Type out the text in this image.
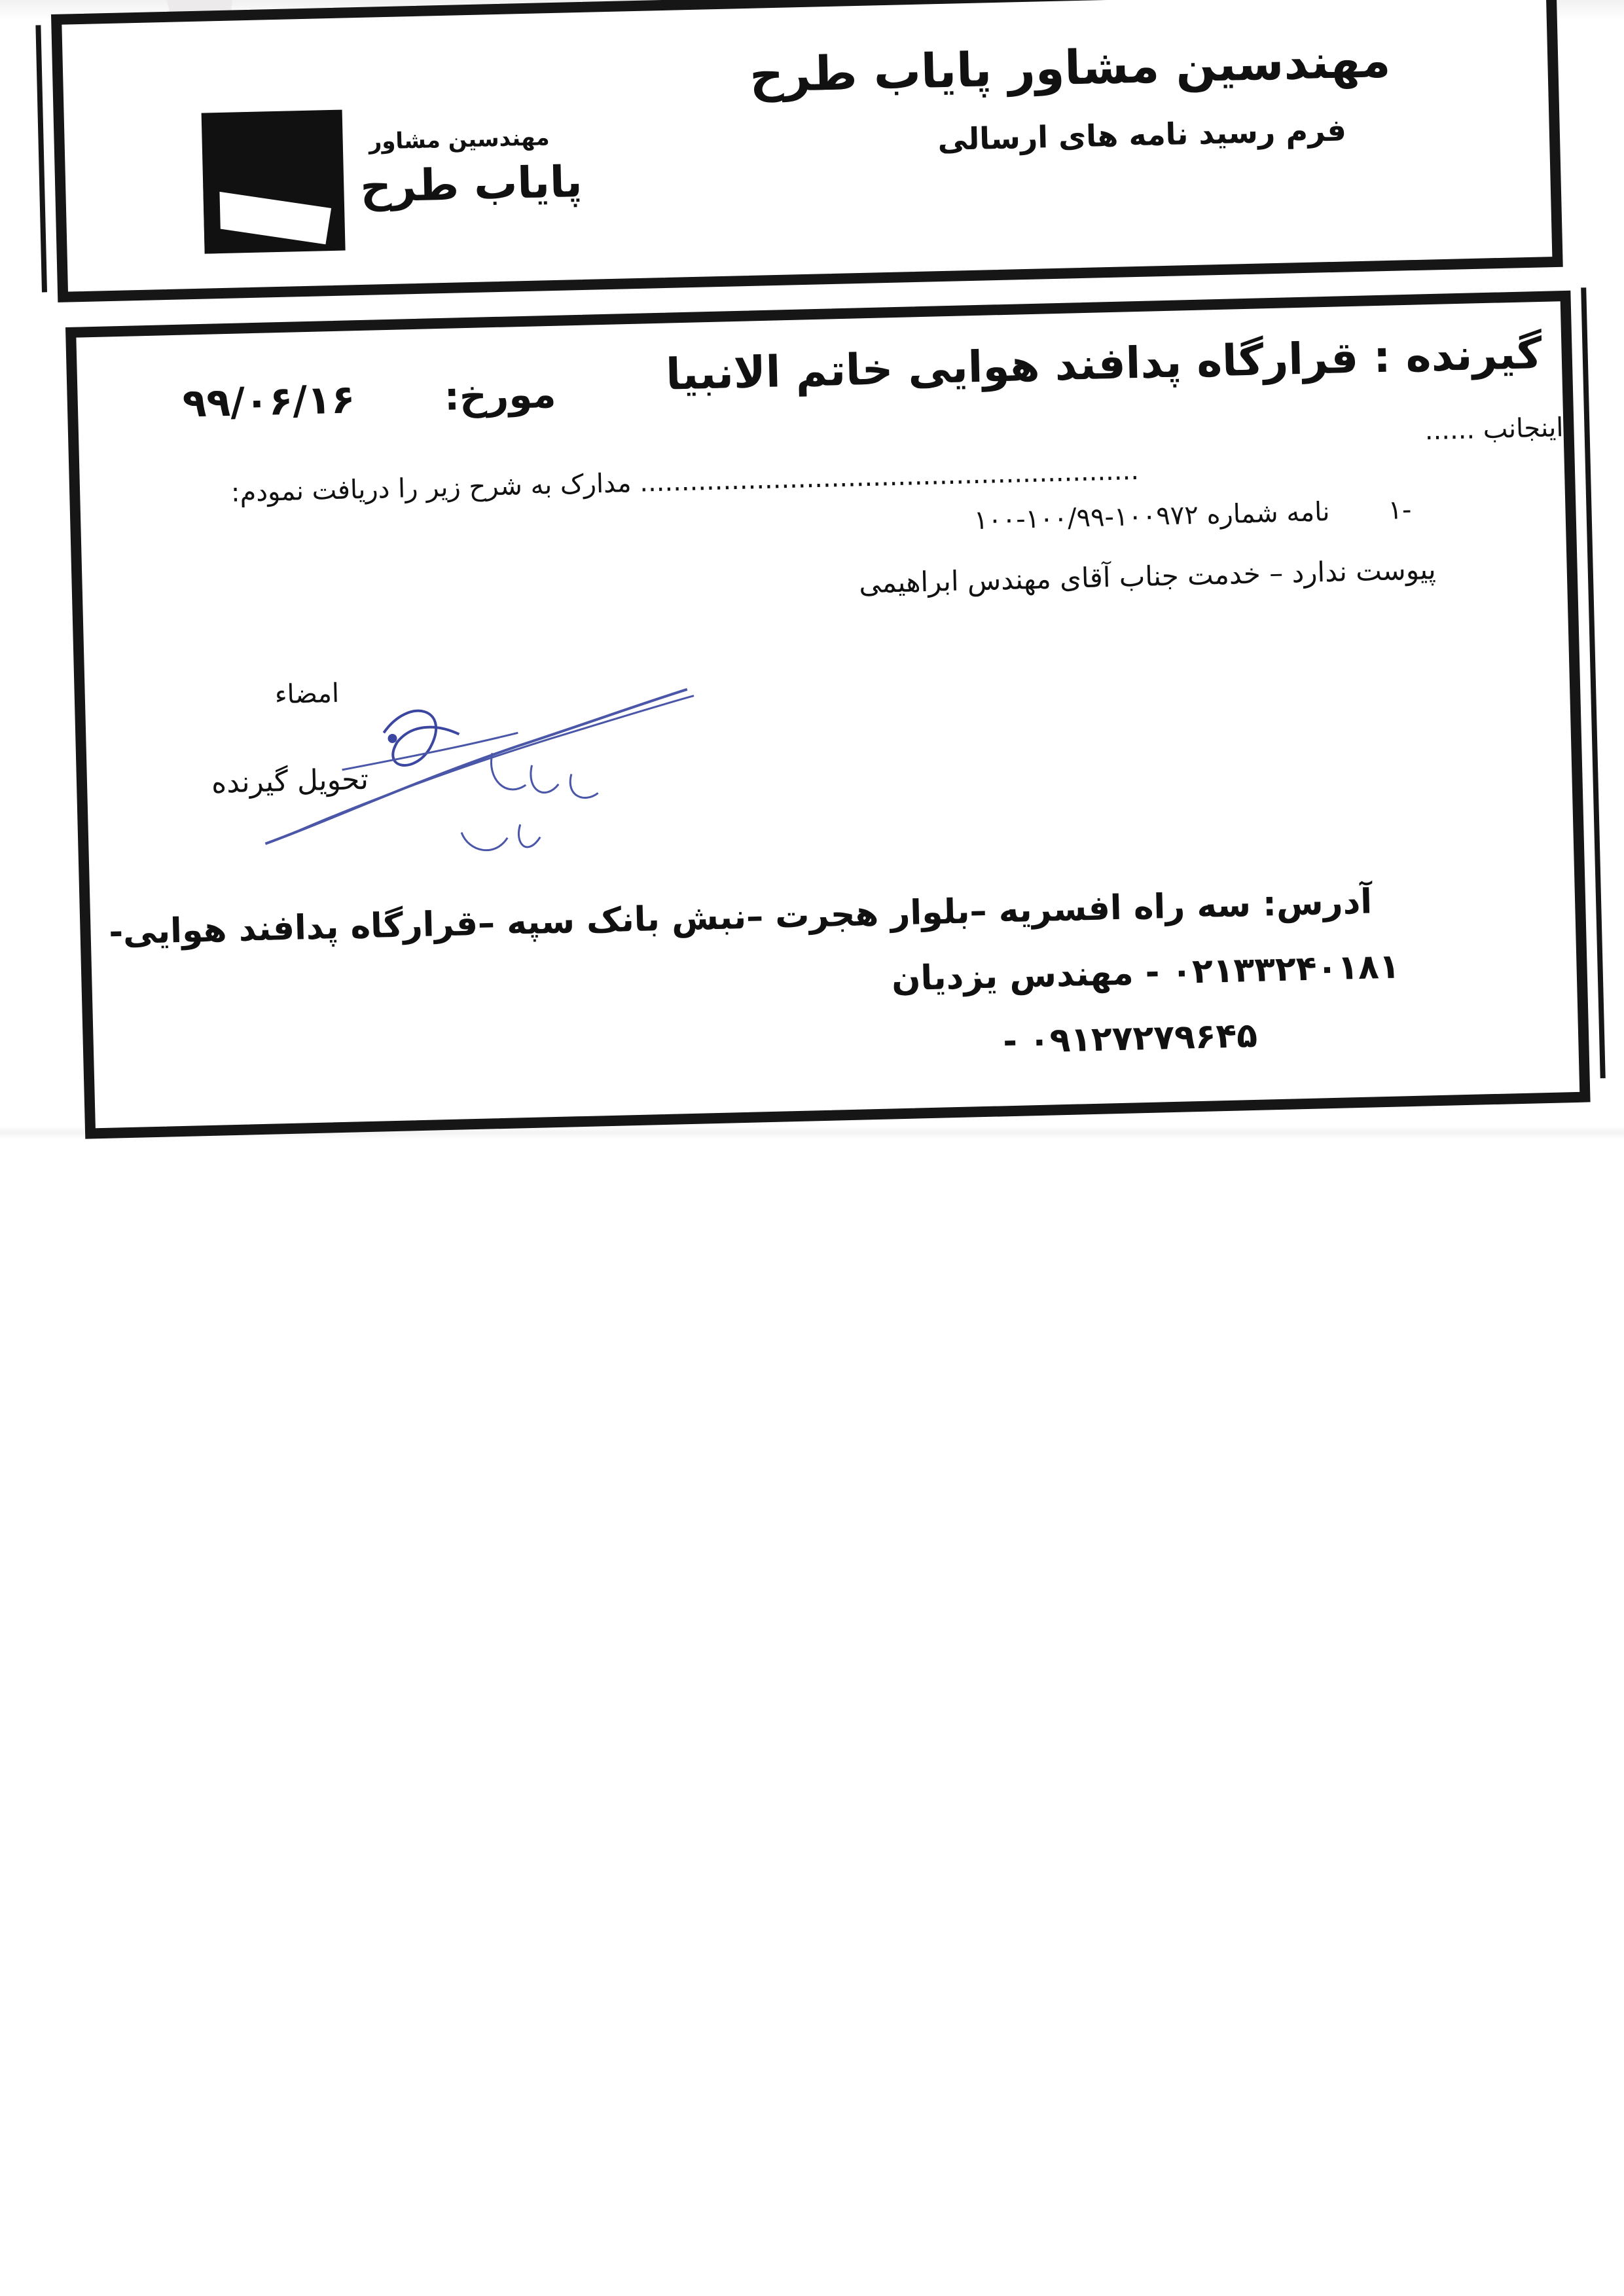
مهندسین مشاور پایاب طرح
فرم رسید نامه های ارسالی
مهندسین مشاور
پایاب طرح
گیرنده : قرارگاه پدافند هوایی خاتم الانبیا
مورخ:
۹۹/۰۶/۱۶
اینجانب ......
............................................................ مدارک به شرح زیر را دریافت نمودم:
-۱
نامه شماره ۱۰۰۹۷۲-۱۰۰/۹۹-۱۰۰
پیوست ندارد – خدمت جناب آقای مهندس ابراهیمی
امضاء
تحویل گیرنده
آدرس: سه راه افسریه –بلوار هجرت –نبش بانک سپه –قرارگاه پدافند هوایی-
۰۲۱۳۳۲۴۰۱۸۱ - مهندس یزدیان
۰۹۱۲۷۲۷۹۶۴۵ -
